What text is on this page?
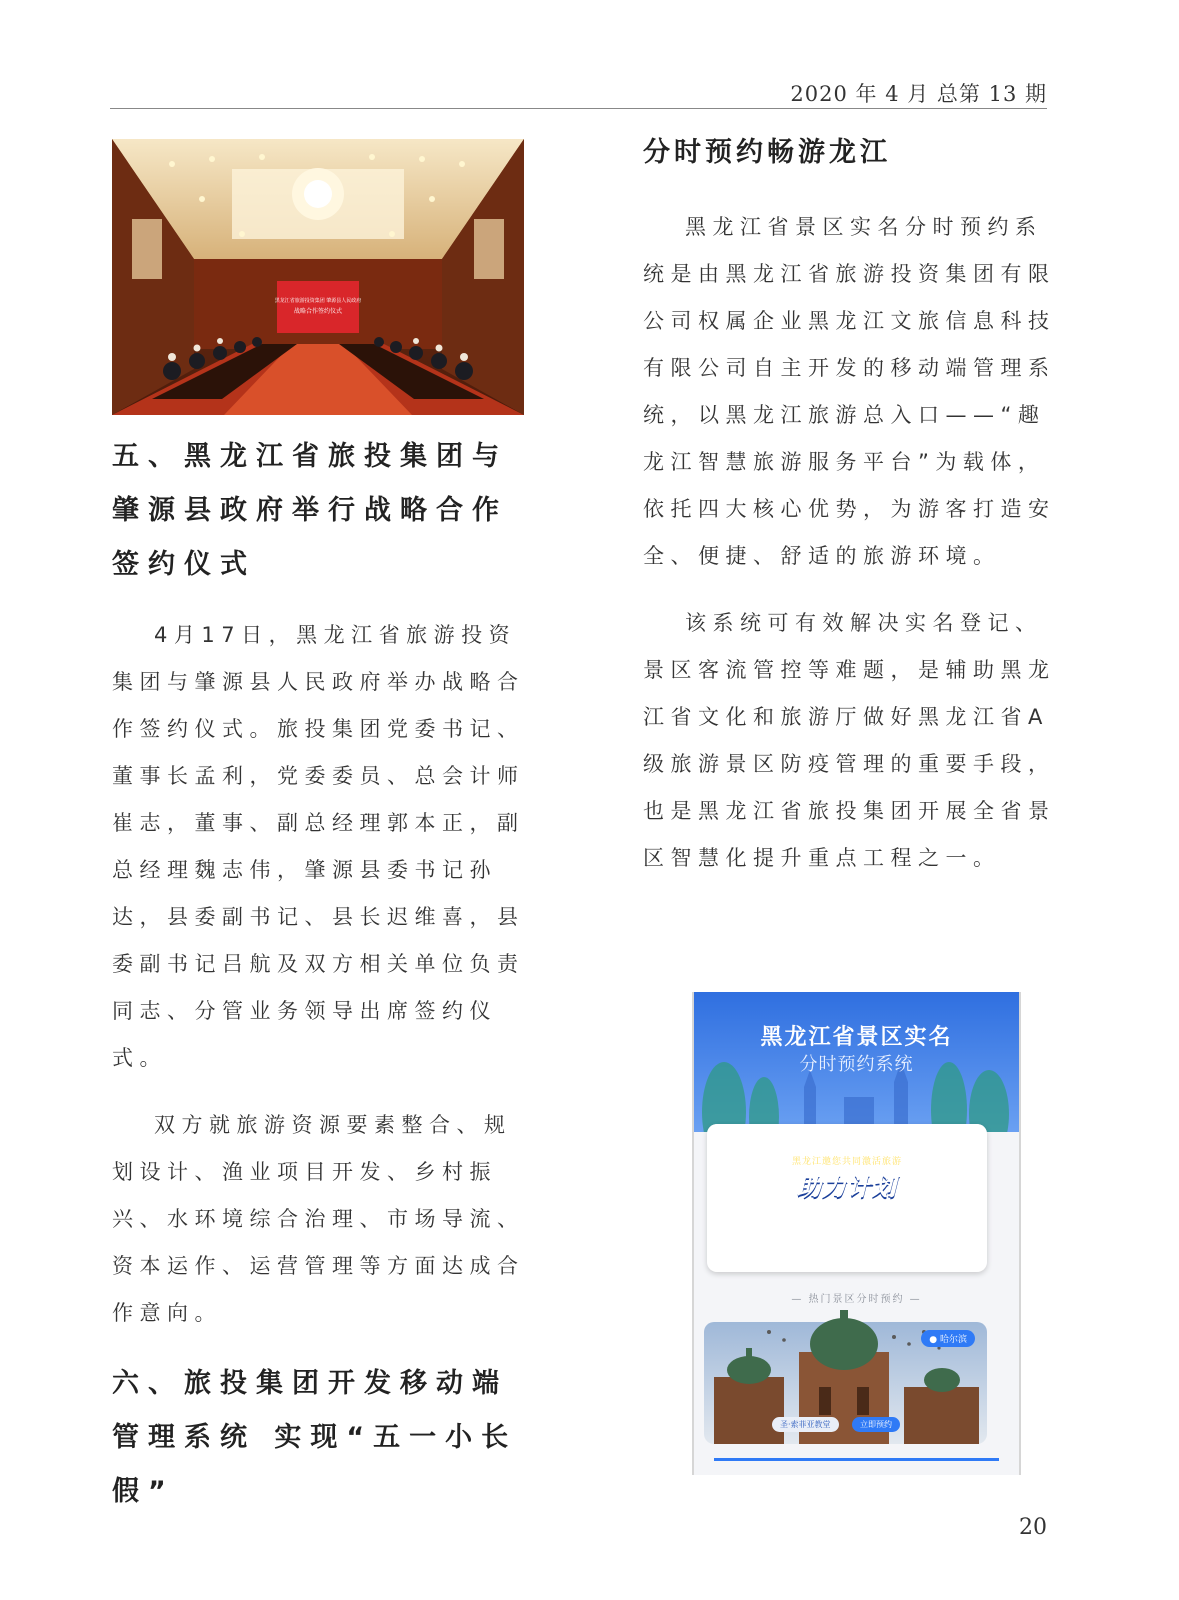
2020 年 4 月 总第 13 期
黑龙江省旅游投资集团 肇源县人民政府
战略合作签约仪式
五、黑龙江省旅投集团与肇源县政府举行战略合作签约仪式

4月17日，黑龙江省旅游投资集团与肇源县人民政府举办战略合作签约仪式。旅投集团党委书记、董事长孟利，党委委员、总会计师崔志，董事、副总经理郭本正，副总经理魏志伟，肇源县委书记孙达，县委副书记、县长迟维喜，县委副书记吕航及双方相关单位负责同志、分管业务领导出席签约仪式。

双方就旅游资源要素整合、规划设计、渔业项目开发、乡村振兴、水环境综合治理、市场导流、资本运作、运营管理等方面达成合作意向。

六、旅投集团开发移动端管理系统 实现“五一小长假”
分时预约畅游龙江

黑龙江省景区实名分时预约系统是由黑龙江省旅游投资集团有限公司权属企业黑龙江文旅信息科技有限公司自主开发的移动端管理系统，以黑龙江旅游总入口——“趣龙江智慧旅游服务平台”为载体，依托四大核心优势，为游客打造安全、便捷、舒适的旅游环境。

该系统可有效解决实名登记、景区客流管控等难题，是辅助黑龙江省文化和旅游厅做好黑龙江省A级旅游景区防疫管理的重要手段，也是黑龙江省旅投集团开展全省景区智慧化提升重点工程之一。

黑龙江省景区实名
分时预约系统
直击行业痛点 携手迎接振兴
黑龙江邀您共同激活旅游
助力计划
— 热门景区分时预约 —
● 哈尔滨
圣·索菲亚教堂	立即预约
20
